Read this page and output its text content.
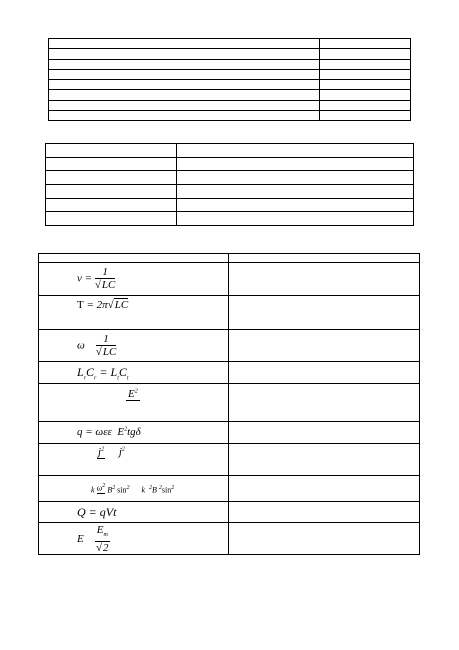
$\nu = \frac{1}{√LC}$

T = 2π√LC	

ω $\frac{1}{√LC}$

$L_rC_r = L_tC_t$

$E^2$

q = ωεε $E^2tg\delta$	

$j^2$ $j^2$

k $\omega^2$
$B^2$ $\sin^2 k$ $^2$B $^2\sin^2$

Q = qVt	

E $\frac{E_m}{√2}$
